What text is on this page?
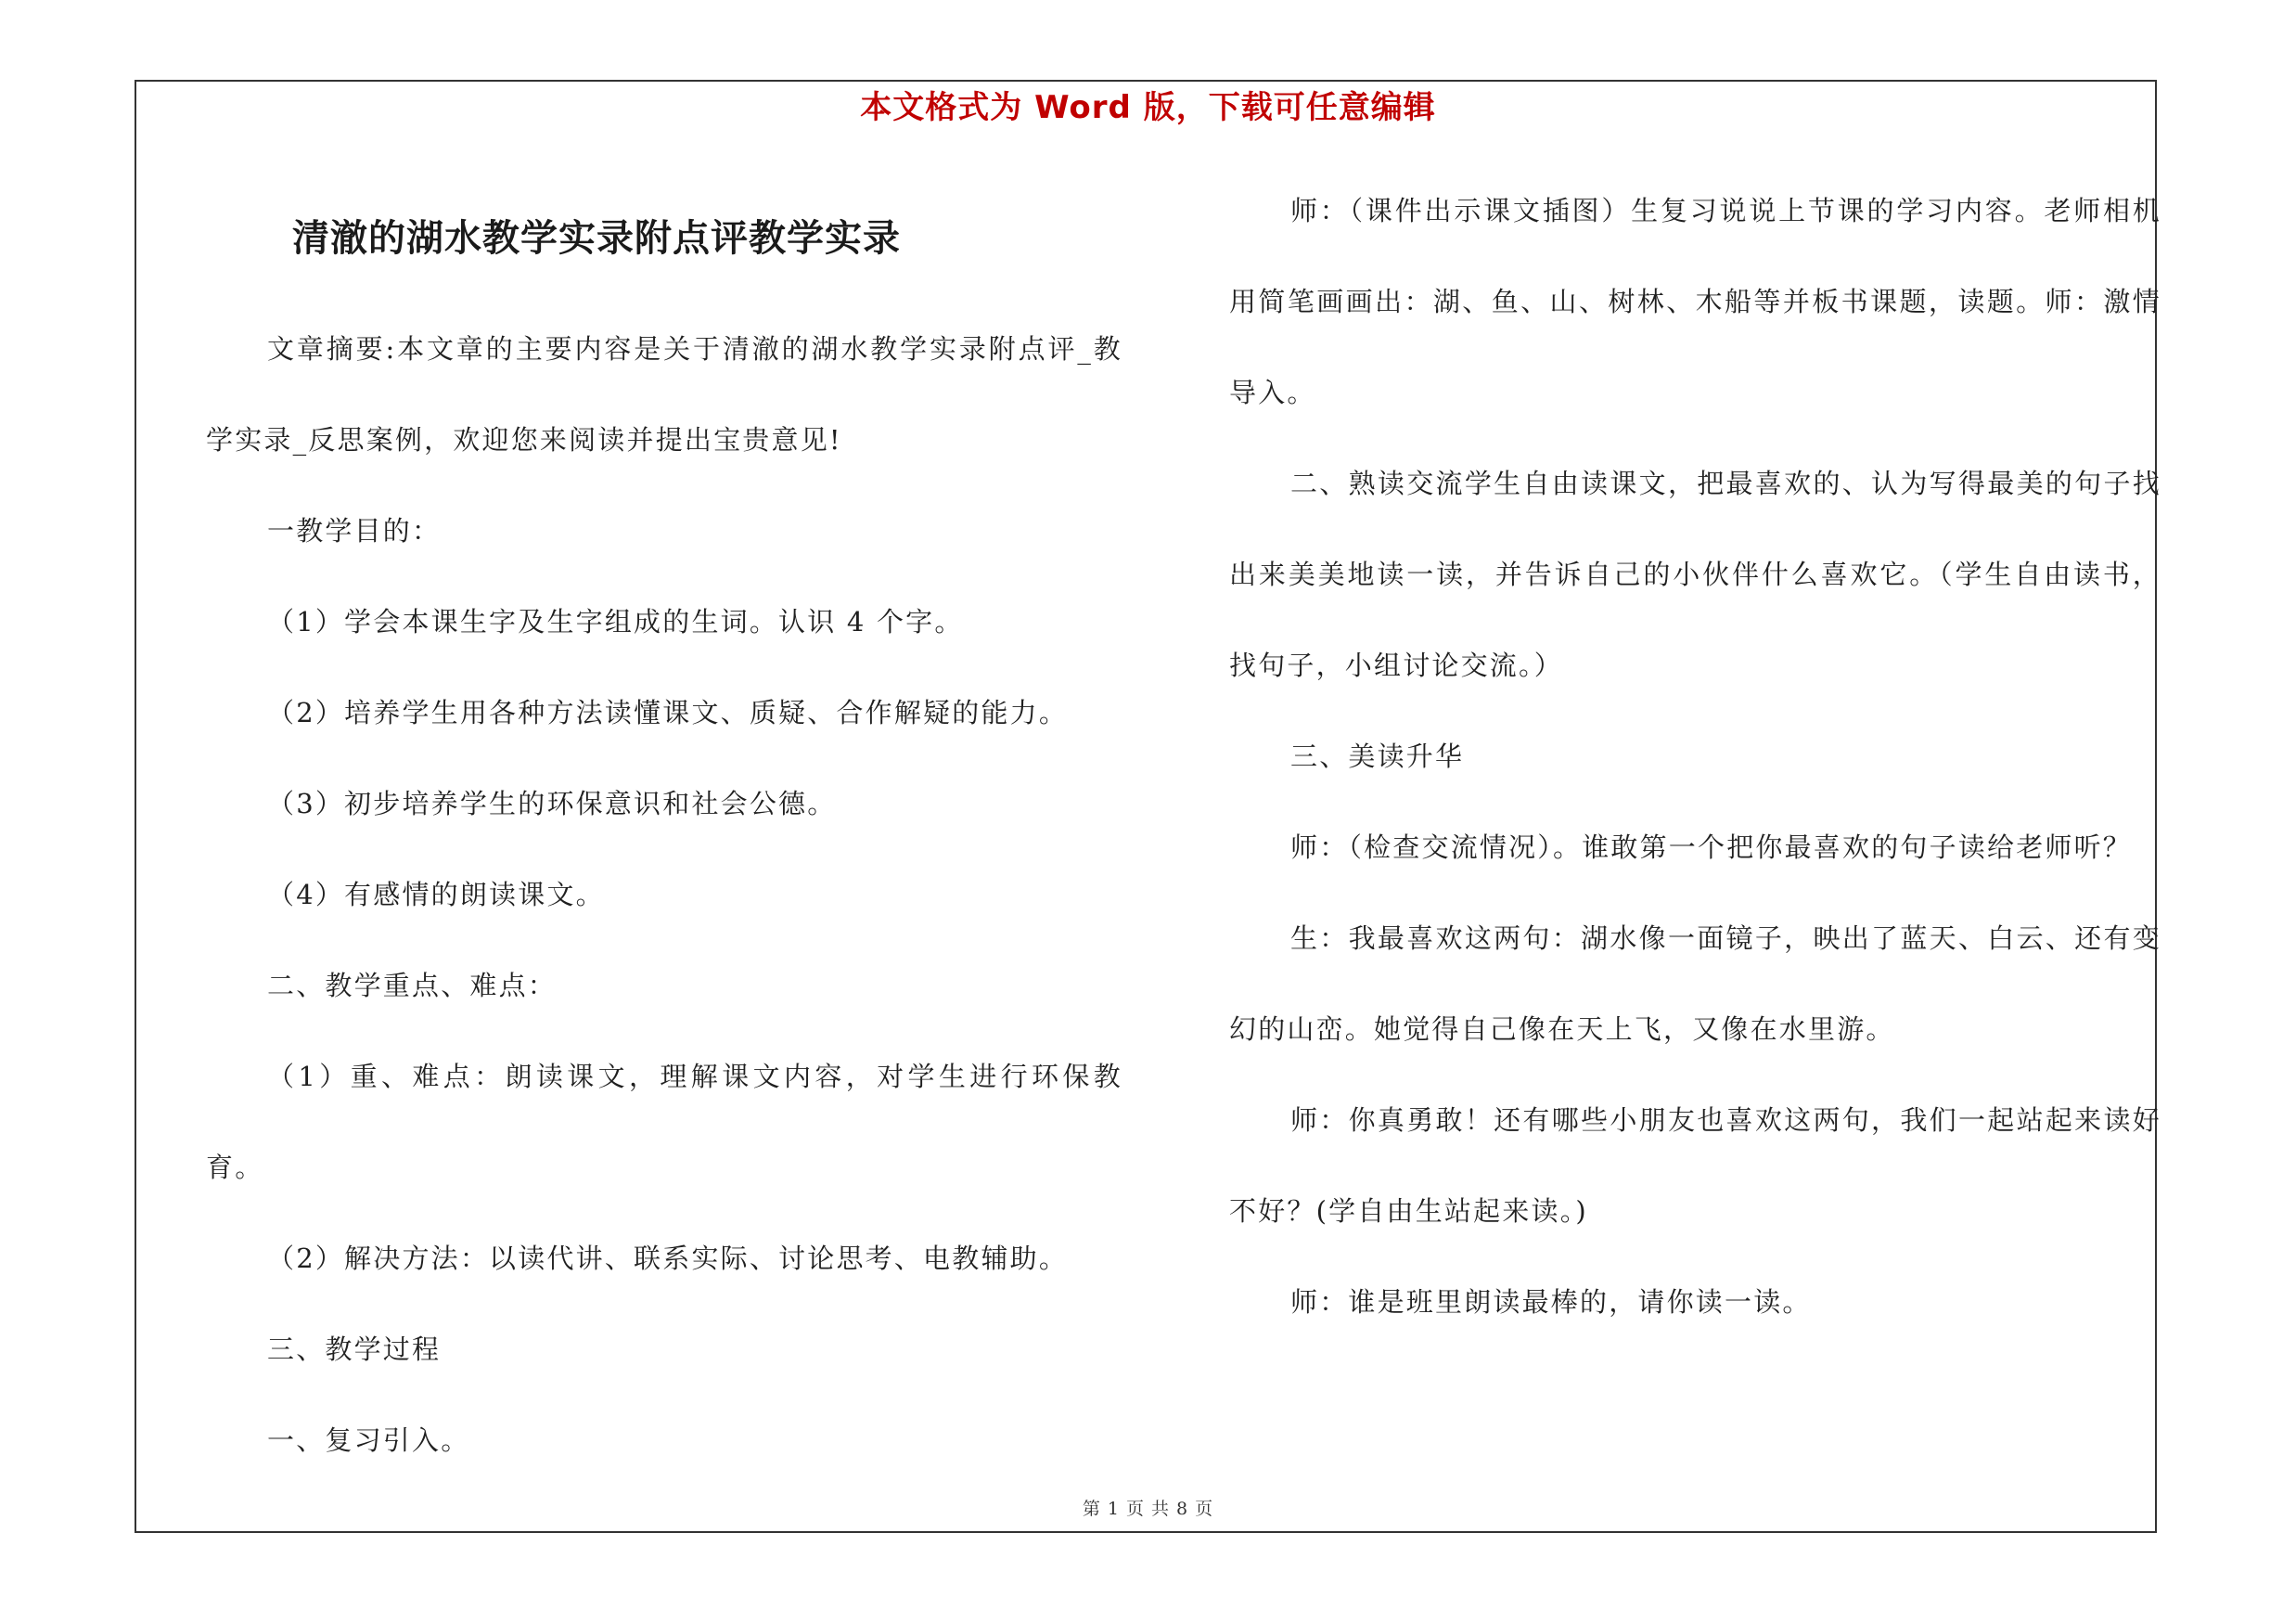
本文格式为 Word 版，下载可任意编辑
清澈的湖水教学实录附点评教学实录

文章摘要:本文章的主要内容是关于清澈的湖水教学实录附点评_教学实录_反思案例，欢迎您来阅读并提出宝贵意见!

一教学目的：

（1）学会本课生字及生字组成的生词。认识 4 个字。

（2）培养学生用各种方法读懂课文、质疑、合作解疑的能力。

（3）初步培养学生的环保意识和社会公德。

（4）有感情的朗读课文。

二、教学重点、难点：

（1）重、难点：朗读课文，理解课文内容，对学生进行环保教育。

（2）解决方法：以读代讲、联系实际、讨论思考、电教辅助。

三、教学过程

一、复习引入。

师：（课件出示课文插图）生复习说说上节课的学习内容。老师相机用简笔画画出：湖、鱼、山、树林、木船等并板书课题，读题。师：激情导入。

二、熟读交流学生自由读课文，把最喜欢的、认为写得最美的句子找出来美美地读一读，并告诉自己的小伙伴什么喜欢它。（学生自由读书，找句子，小组讨论交流。）

三、美读升华

师：（检查交流情况）。谁敢第一个把你最喜欢的句子读给老师听？

生：我最喜欢这两句：湖水像一面镜子，映出了蓝天、白云、还有变幻的山峦。她觉得自己像在天上飞，又像在水里游。

师：你真勇敢！还有哪些小朋友也喜欢这两句，我们一起站起来读好不好？(学自由生站起来读。)

师：谁是班里朗读最棒的，请你读一读。

第 1 页 共 8 页
